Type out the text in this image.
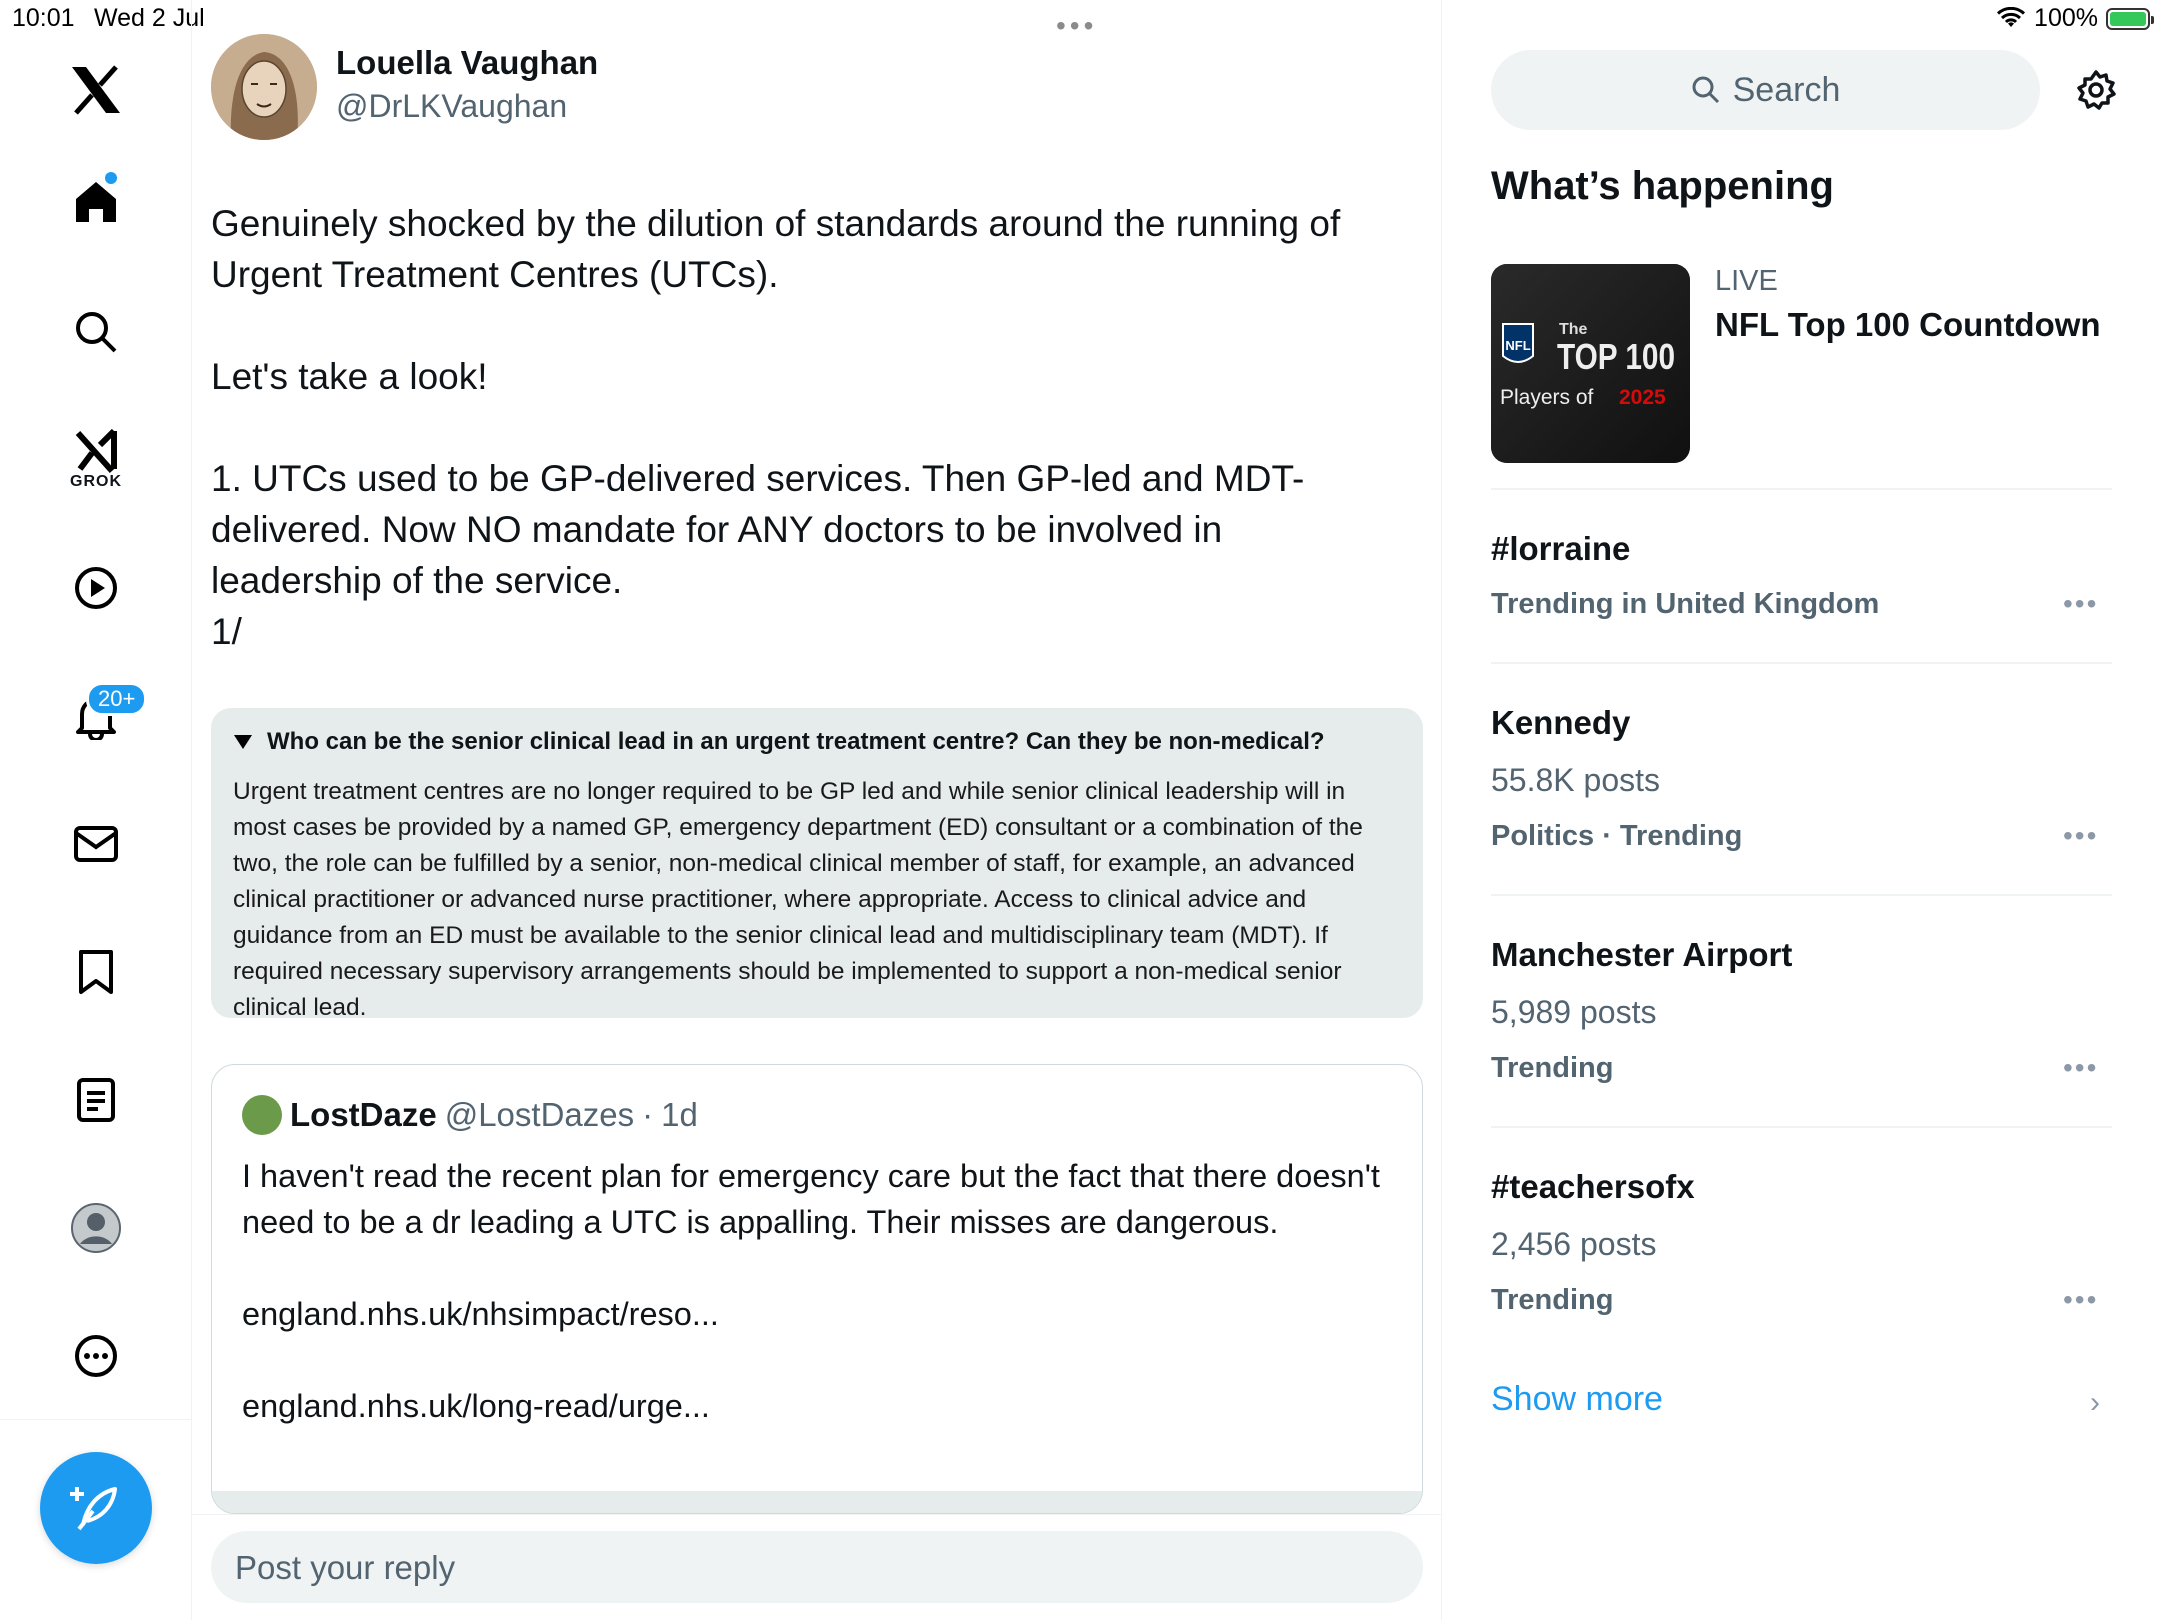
10:01 Wed 2 Jul	•••	100%
GROK
20+
Louella Vaughan
@DrLKVaughan

Genuinely shocked by the dilution of standards around the running of Urgent Treatment Centres (UTCs).

Let's take a look!

1. UTCs used to be GP-delivered services. Then GP-led and MDT-delivered. Now NO mandate for ANY doctors to be involved in leadership of the service.

1/

Who can be the senior clinical lead in an urgent treatment centre? Can they be non-medical?
Urgent treatment centres are no longer required to be GP led and while senior clinical leadership will in most cases be provided by a named GP, emergency department (ED) consultant or a combination of the two, the role can be fulfilled by a senior, non-medical clinical member of staff, for example, an advanced clinical practitioner or advanced nurse practitioner, where appropriate. Access to clinical advice and guidance from an ED must be available to the senior clinical lead and multidisciplinary team (MDT). If required necessary supervisory arrangements should be implemented to support a non-medical senior clinical lead.
LostDaze @LostDazes · 1d

I haven't read the recent plan for emergency care but the fact that there doesn't need to be a dr leading a UTC is appalling. Their misses are dangerous.

england.nhs.uk/nhsimpact/reso...

england.nhs.uk/long-read/urge...

Post your reply
Search
What’s happening
NFL
The
TOP 100
Players of 2025
LIVE
NFL Top 100 Countdown
#lorraine
Trending in United Kingdom	•••
Kennedy
55.8K posts
Politics · Trending	•••
Manchester Airport
5,989 posts
Trending	•••
#teachersofx
2,456 posts
Trending	•••
Show more	›
